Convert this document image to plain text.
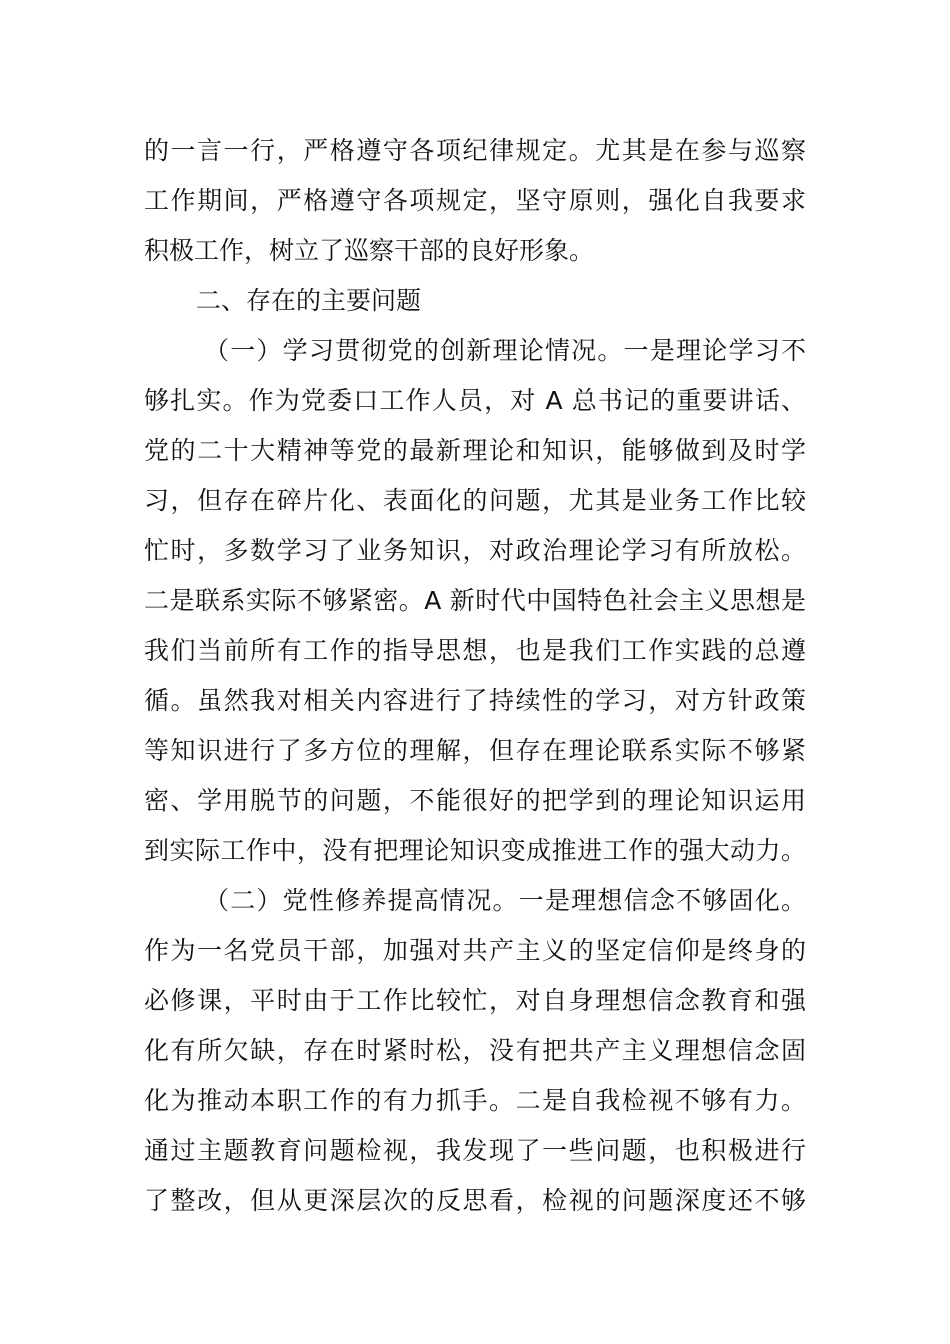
的一言一行，严格遵守各项纪律规定。尤其是在参与巡察
工作期间，严格遵守各项规定，坚守原则，强化自我要求
积极工作，树立了巡察干部的良好形象。
二、存在的主要问题
（一）学习贯彻党的创新理论情况。一是理论学习不
够扎实。作为党委口工作人员，对 A 总书记的重要讲话、
党的二十大精神等党的最新理论和知识，能够做到及时学
习，但存在碎片化、表面化的问题，尤其是业务工作比较
忙时，多数学习了业务知识，对政治理论学习有所放松。
二是联系实际不够紧密。A 新时代中国特色社会主义思想是
我们当前所有工作的指导思想，也是我们工作实践的总遵
循。虽然我对相关内容进行了持续性的学习，对方针政策
等知识进行了多方位的理解，但存在理论联系实际不够紧
密、学用脱节的问题，不能很好的把学到的理论知识运用
到实际工作中，没有把理论知识变成推进工作的强大动力。
（二）党性修养提高情况。一是理想信念不够固化。
作为一名党员干部，加强对共产主义的坚定信仰是终身的
必修课，平时由于工作比较忙，对自身理想信念教育和强
化有所欠缺，存在时紧时松，没有把共产主义理想信念固
化为推动本职工作的有力抓手。二是自我检视不够有力。
通过主题教育问题检视，我发现了一些问题，也积极进行
了整改，但从更深层次的反思看，检视的问题深度还不够
